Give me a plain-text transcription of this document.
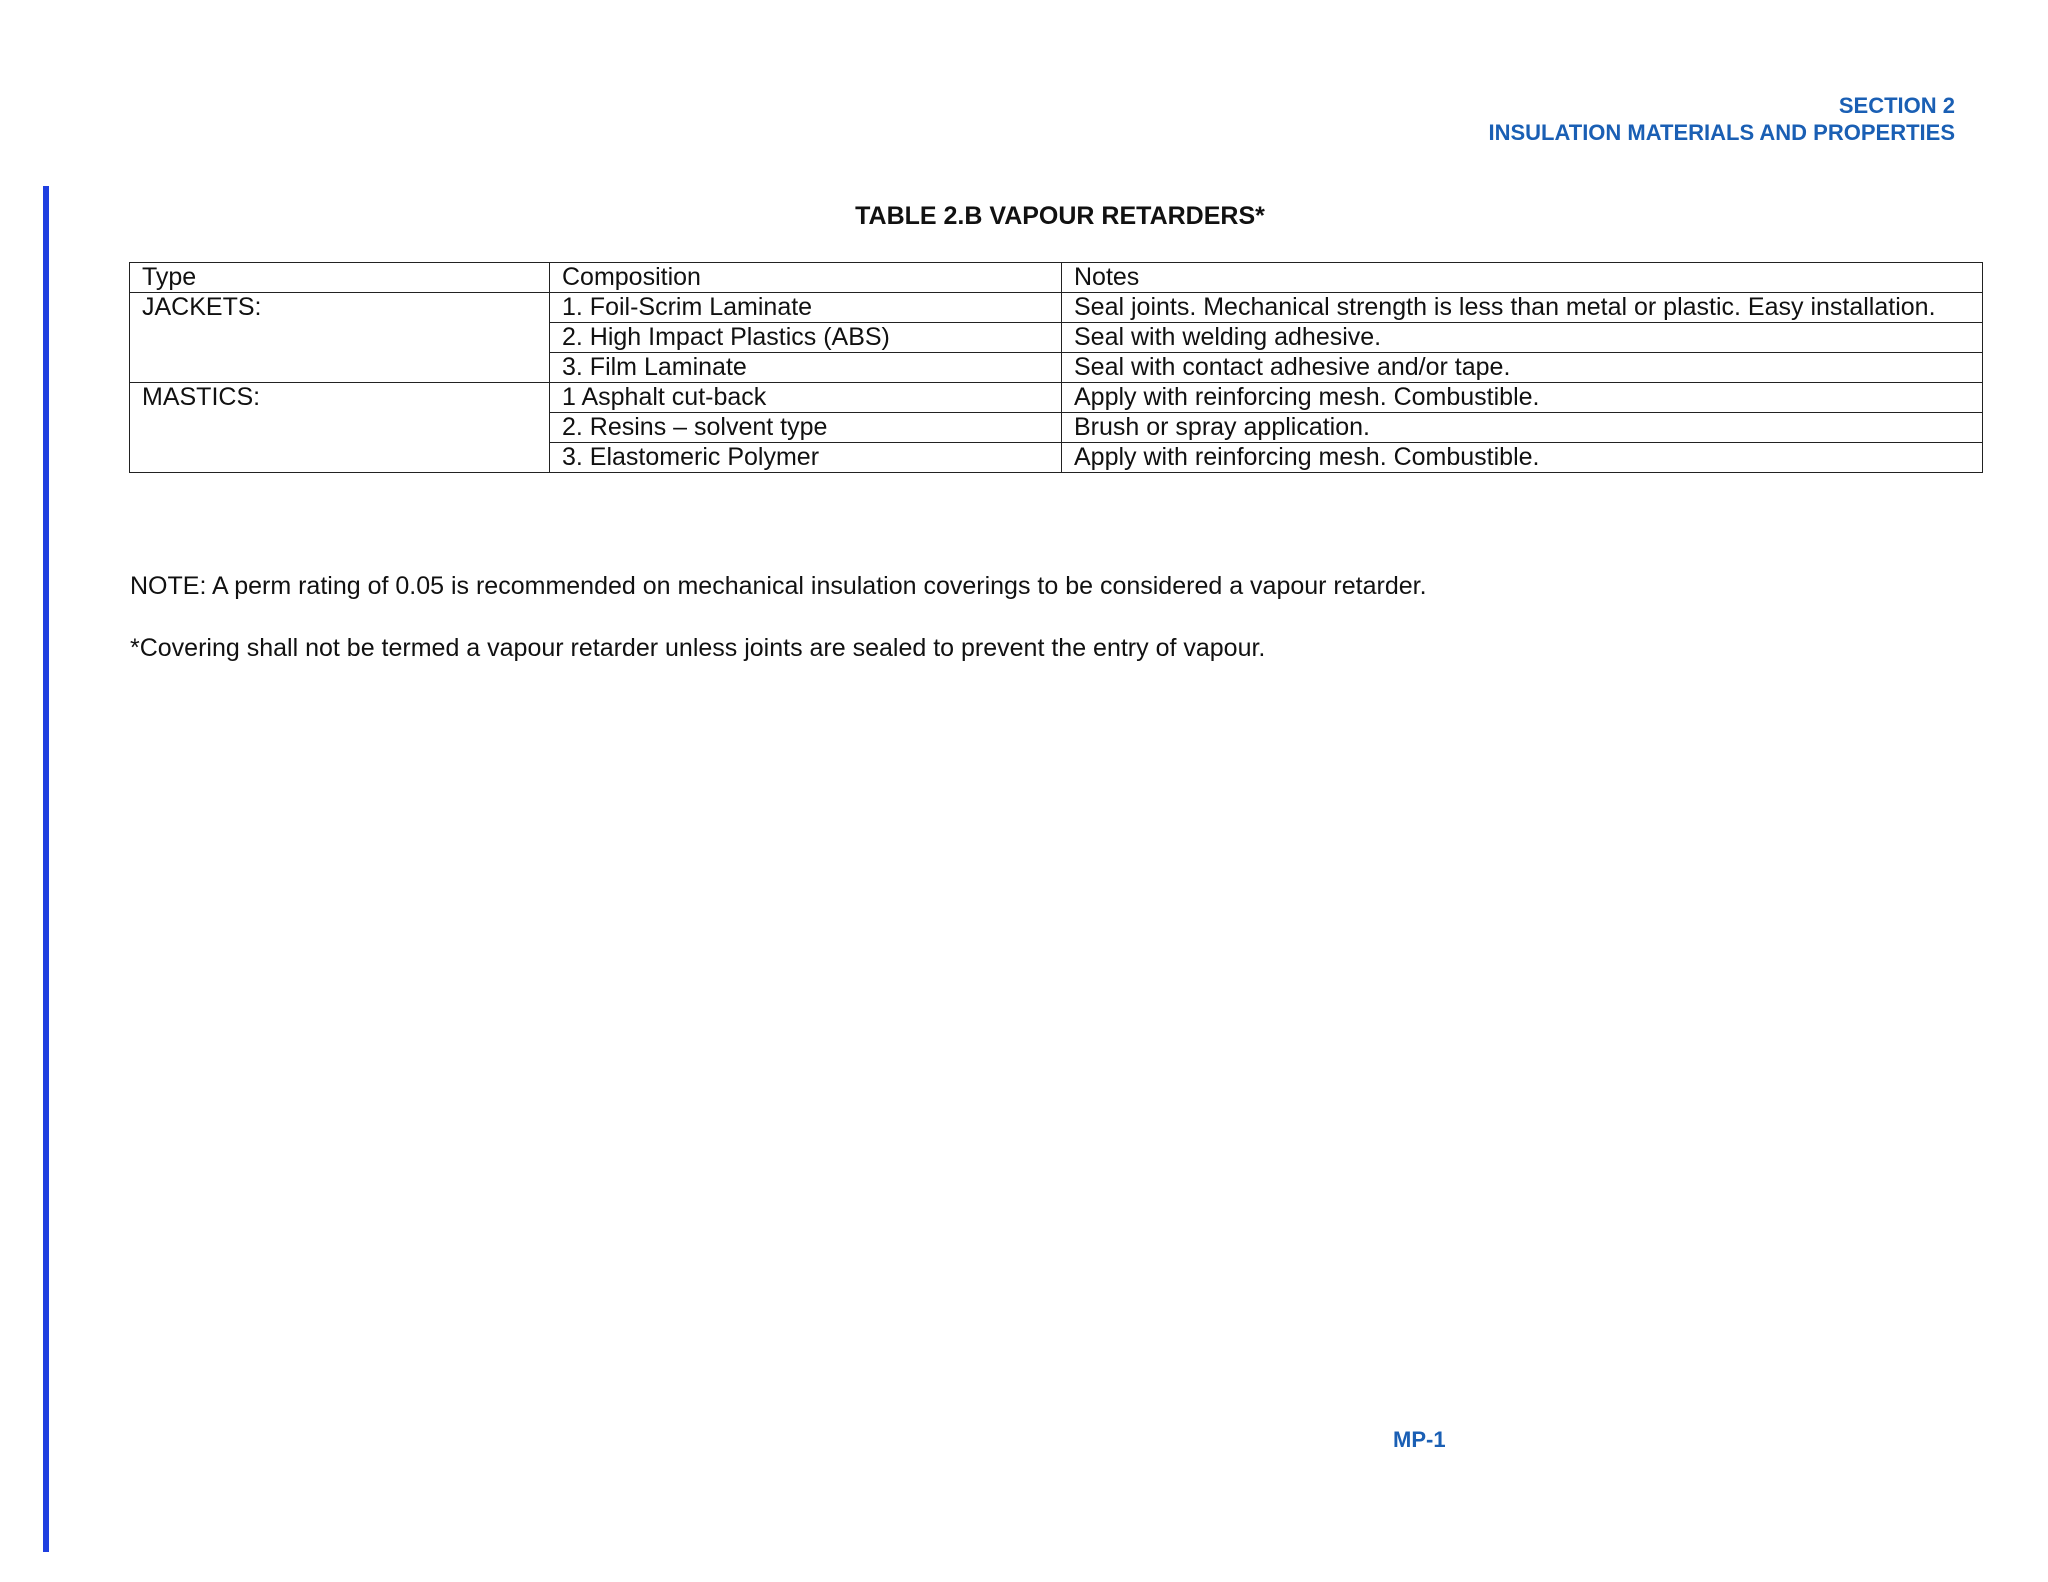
SECTION 2
INSULATION MATERIALS AND PROPERTIES
TABLE 2.B VAPOUR RETARDERS*
Type	Composition	Notes
JACKETS:	1. Foil-Scrim Laminate	Seal joints. Mechanical strength is less than metal or plastic. Easy installation.
	2. High Impact Plastics (ABS)	Seal with welding adhesive.
	3. Film Laminate	Seal with contact adhesive and/or tape.
MASTICS:	1 Asphalt cut-back	Apply with reinforcing mesh. Combustible.
	2. Resins – solvent type	Brush or spray application.
	3. Elastomeric Polymer	Apply with reinforcing mesh. Combustible.
NOTE: A perm rating of 0.05 is recommended on mechanical insulation coverings to be considered a vapour retarder.
*Covering shall not be termed a vapour retarder unless joints are sealed to prevent the entry of vapour.
MP-1
